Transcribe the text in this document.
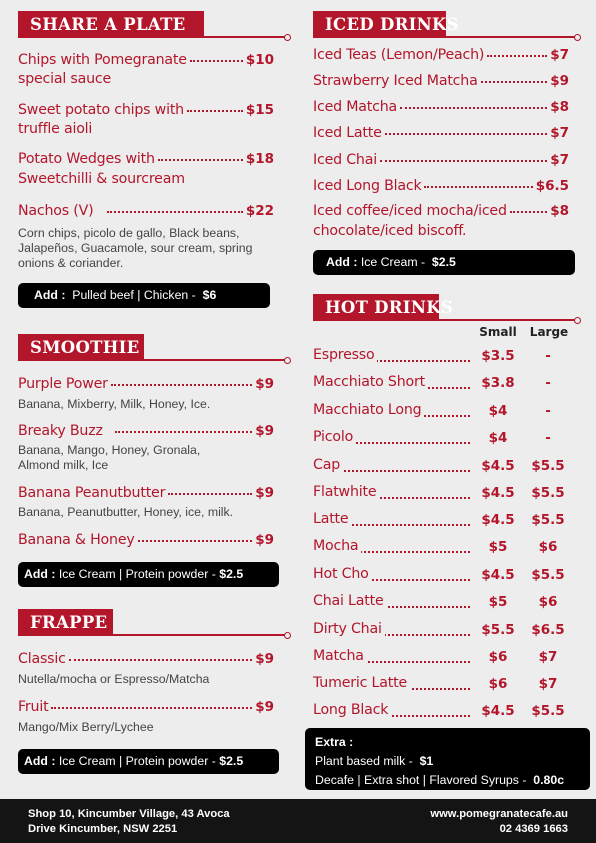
SHARE A PLATE
Chips with Pomegranate	$10
special sauce
Sweet potato chips with	$15
truffle aioli
Potato Wedges with	$18
Sweetchilli & sourcream
Nachos (V)	$22
Corn chips, picolo de gallo, Black beans, Jalapeños, Guacamole, sour cream, spring onions & coriander.
Add : Pulled beef | Chicken - $6
SMOOTHIE
Purple Power	$9
Banana, Mixberry, Milk, Honey, Ice.
Breaky Buzz	$9
Banana, Mango, Honey, Gronala, Almond milk, Ice
Banana Peanutbutter	$9
Banana, Peanutbutter, Honey, ice, milk.
Banana & Honey	$9
Add : Ice Cream | Protein powder - $2.5
FRAPPE
Classic	$9
Nutella/mocha or Espresso/Matcha
Fruit	$9
Mango/Mix Berry/Lychee
Add : Ice Cream | Protein powder - $2.5
ICED DRINKS
Iced Teas (Lemon/Peach)	$7
Strawberry Iced Matcha	$9
Iced Matcha	$8
Iced Latte	$7
Iced Chai	$7
Iced Long Black	$6.5
Iced coffee/iced mocha/iced	$8
chocolate/iced biscoff.
Add : Ice Cream - $2.5
HOT DRINKS
Small	Large
Espresso	$3.5	-
Macchiato Short	$3.8	-
Macchiato Long	$4	-
Picolo	$4	-
Cap	$4.5 $5.5
Flatwhite	$4.5 $5.5
Latte	$4.5 $5.5
Mocha	$5	$6
Hot Cho	$4.5 $5.5
Chai Latte	$5	$6
Dirty Chai	$5.5 $6.5
Matcha	$6	$7
Tumeric Latte	$6	$7
Long Black	$4.5 $5.5
Extra :
Plant based milk - $1
Decafe | Extra shot | Flavored Syrups - 0.80c
Shop 10, Kincumber Village, 43 Avoca
Drive Kincumber, NSW 2251
www.pomegranatecafe.au
02 4369 1663
